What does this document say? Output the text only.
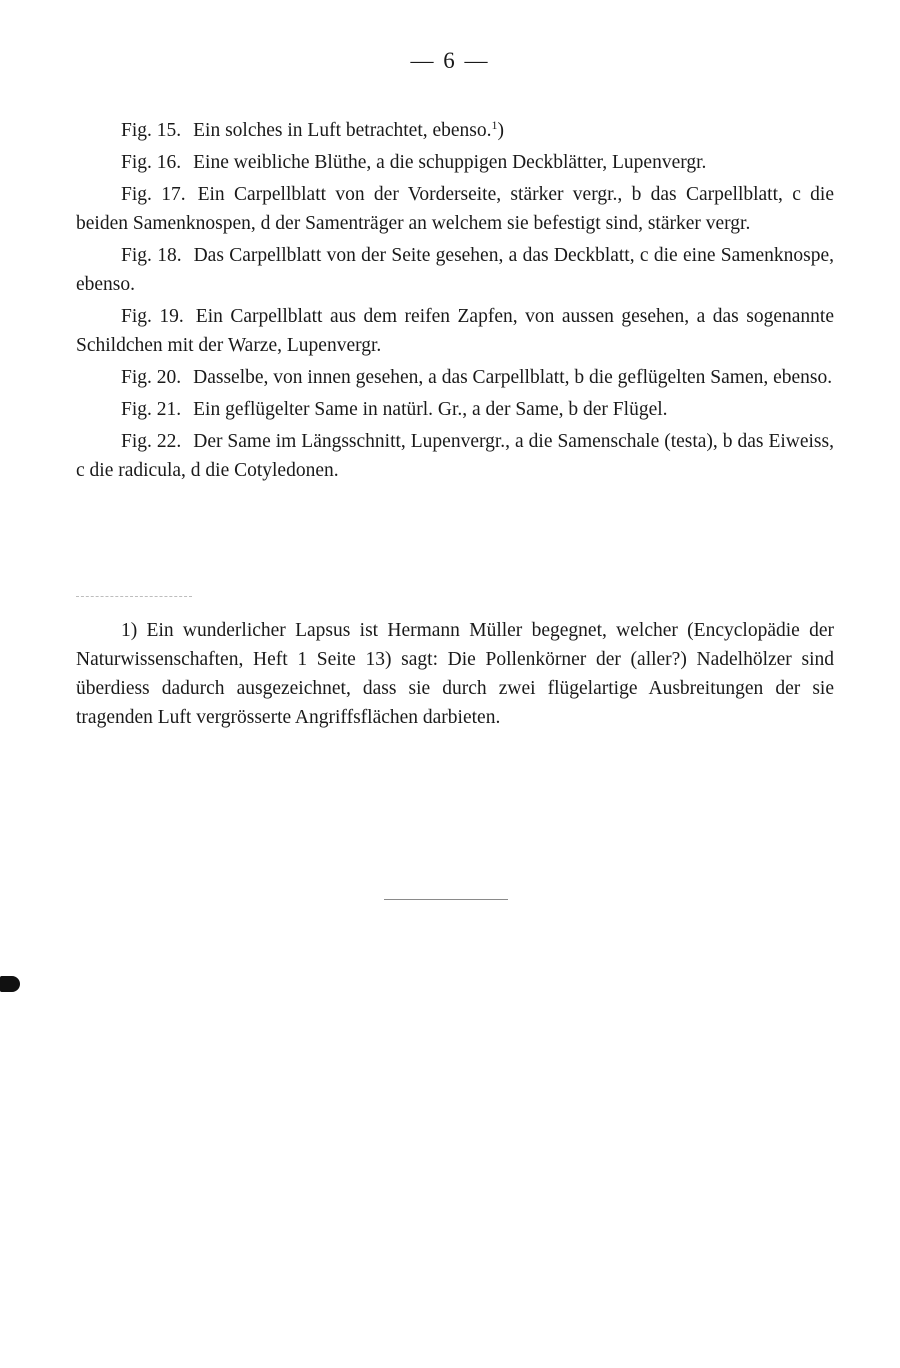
— 6 —

Fig. 15. Ein solches in Luft betrachtet, ebenso.$^1$)

Fig. 16. Eine weibliche Blüthe, a die schuppigen Deckblätter, Lupenvergr.

Fig. 17. Ein Carpellblatt von der Vorderseite, stärker vergr., b das Carpellblatt, c die beiden Samenknospen, d der Samenträger an welchem sie befestigt sind, stärker vergr.

Fig. 18. Das Carpellblatt von der Seite gesehen, a das Deckblatt, c die eine Samenknospe, ebenso.

Fig. 19. Ein Carpellblatt aus dem reifen Zapfen, von aussen gesehen, a das sogenannte Schildchen mit der Warze, Lupenvergr.

Fig. 20. Dasselbe, von innen gesehen, a das Carpellblatt, b die geflügelten Samen, ebenso.

Fig. 21. Ein geflügelter Same in natürl. Gr., a der Same, b der Flügel.

Fig. 22. Der Same im Längsschnitt, Lupenvergr., a die Samenschale (testa), b das Eiweiss, c die radicula, d die Cotyledonen.

1) Ein wunderlicher Lapsus ist Hermann Müller begegnet, welcher (Encyclopädie der Naturwissenschaften, Heft 1 Seite 13) sagt: Die Pollenkörner der (aller?) Nadelhölzer sind überdiess dadurch ausgezeichnet, dass sie durch zwei flügelartige Ausbreitungen der sie tragenden Luft vergrösserte Angriffsflächen darbieten.
